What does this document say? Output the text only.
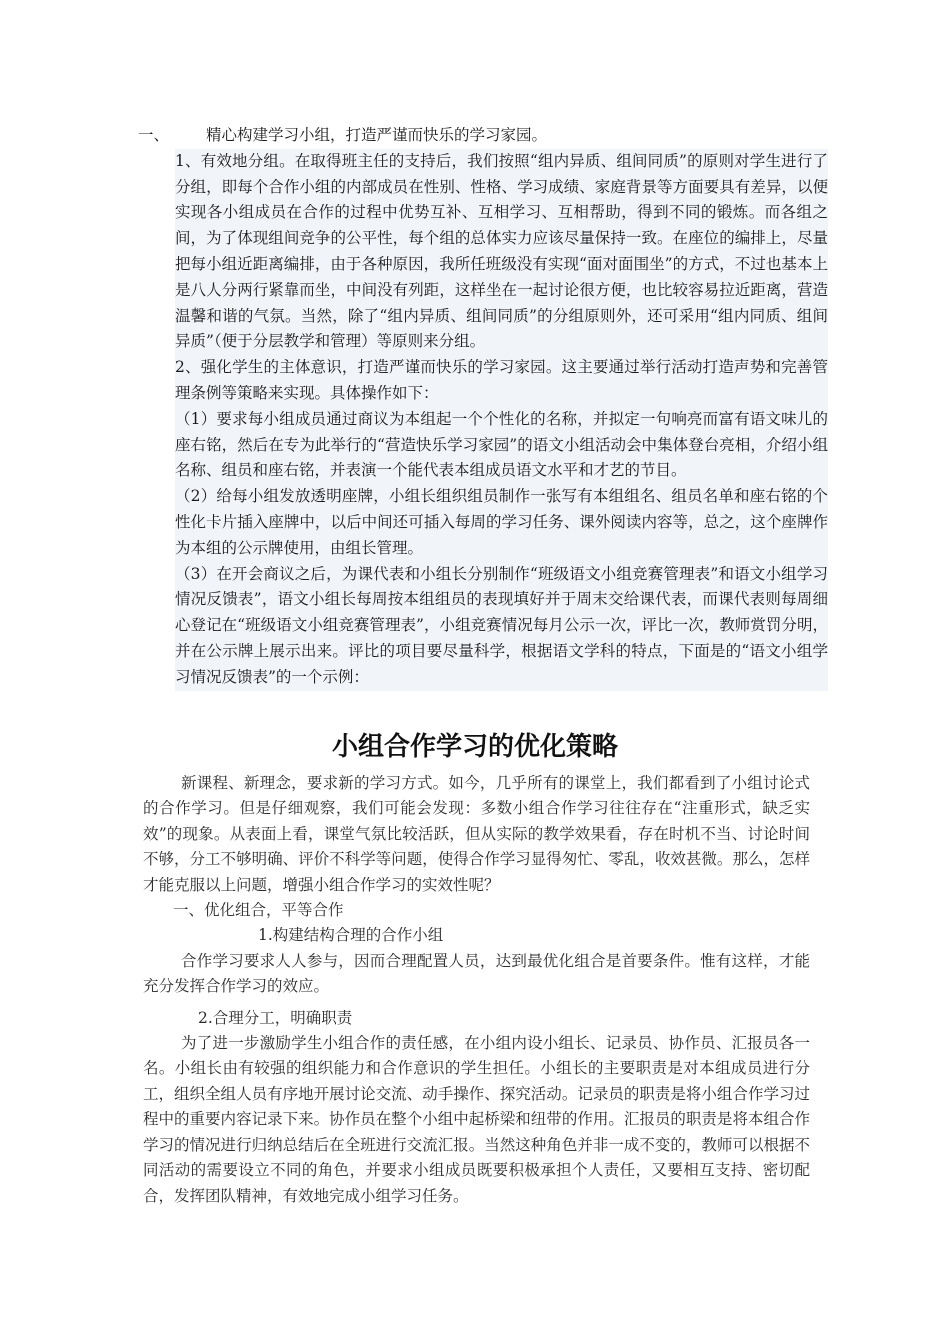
一、 精心构建学习小组，打造严谨而快乐的学习家园。

1、有效地分组。在取得班主任的支持后，我们按照“组内异质、组间同质”的原则对学生进行了分组，即每个合作小组的内部成员在性别、性格、学习成绩、家庭背景等方面要具有差异，以便实现各小组成员在合作的过程中优势互补、互相学习、互相帮助，得到不同的锻炼。而各组之间，为了体现组间竞争的公平性，每个组的总体实力应该尽量保持一致。在座位的编排上，尽量把每小组近距离编排，由于各种原因，我所任班级没有实现“面对面围坐”的方式，不过也基本上是八人分两行紧靠而坐，中间没有列距，这样坐在一起讨论很方便，也比较容易拉近距离，营造温馨和谐的气氛。当然，除了“组内异质、组间同质”的分组原则外，还可采用“组内同质、组间异质”（便于分层教学和管理）等原则来分组。

2、强化学生的主体意识，打造严谨而快乐的学习家园。这主要通过举行活动打造声势和完善管理条例等策略来实现。具体操作如下：

（1）要求每小组成员通过商议为本组起一个个性化的名称，并拟定一句响亮而富有语文味儿的座右铭，然后在专为此举行的“营造快乐学习家园”的语文小组活动会中集体登台亮相，介绍小组名称、组员和座右铭，并表演一个能代表本组成员语文水平和才艺的节目。

（2）给每小组发放透明座牌，小组长组织组员制作一张写有本组组名、组员名单和座右铭的个性化卡片插入座牌中，以后中间还可插入每周的学习任务、课外阅读内容等，总之，这个座牌作为本组的公示牌使用，由组长管理。

（3）在开会商议之后，为课代表和小组长分别制作“班级语文小组竞赛管理表”和语文小组学习情况反馈表”，语文小组长每周按本组组员的表现填好并于周末交给课代表，而课代表则每周细心登记在“班级语文小组竞赛管理表”，小组竞赛情况每月公示一次，评比一次，教师赏罚分明，并在公示牌上展示出来。评比的项目要尽量科学，根据语文学科的特点，下面是的“语文小组学习情况反馈表”的一个示例：

小组合作学习的优化策略

新课程、新理念，要求新的学习方式。如今，几乎所有的课堂上，我们都看到了小组讨论式的合作学习。但是仔细观察，我们可能会发现：多数小组合作学习往往存在“注重形式，缺乏实效”的现象。从表面上看，课堂气氛比较活跃，但从实际的教学效果看，存在时机不当、讨论时间不够，分工不够明确、评价不科学等问题，使得合作学习显得匆忙、零乱，收效甚微。那么，怎样才能克服以上问题，增强小组合作学习的实效性呢？

一、优化组合，平等合作

1.构建结构合理的合作小组

合作学习要求人人参与，因而合理配置人员，达到最优化组合是首要条件。惟有这样，才能充分发挥合作学习的效应。

2.合理分工，明确职责

为了进一步激励学生小组合作的责任感，在小组内设小组长、记录员、协作员、汇报员各一名。小组长由有较强的组织能力和合作意识的学生担任。小组长的主要职责是对本组成员进行分工，组织全组人员有序地开展讨论交流、动手操作、探究活动。记录员的职责是将小组合作学习过程中的重要内容记录下来。协作员在整个小组中起桥梁和纽带的作用。汇报员的职责是将本组合作学习的情况进行归纳总结后在全班进行交流汇报。当然这种角色并非一成不变的，教师可以根据不同活动的需要设立不同的角色，并要求小组成员既要积极承担个人责任，又要相互支持、密切配合，发挥团队精神，有效地完成小组学习任务。
